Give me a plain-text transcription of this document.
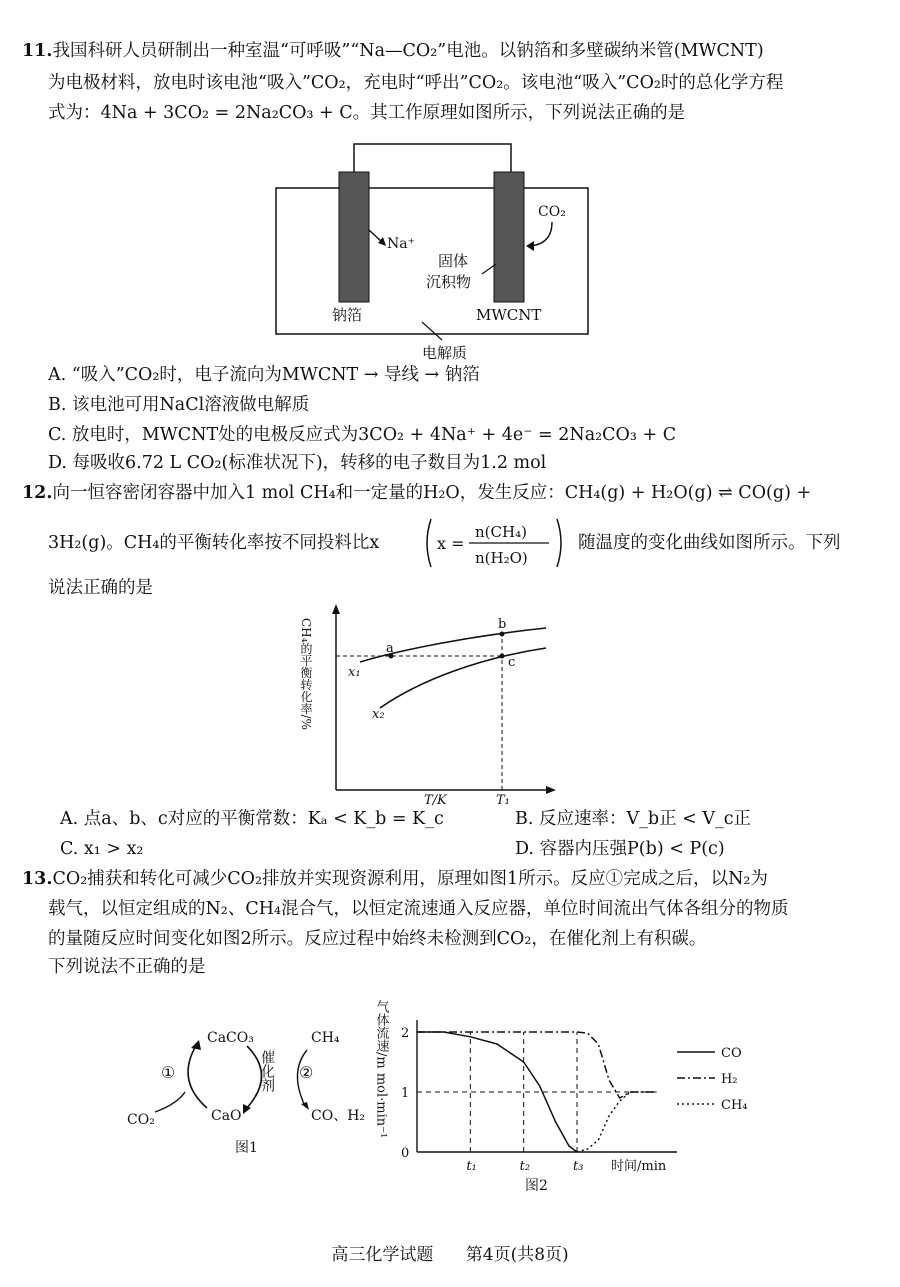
11.我国科研人员研制出一种室温“可呼吸”“Na—CO₂”电池。以钠箔和多壁碳纳米管(MWCNT)
为电极材料，放电时该电池“吸入”CO₂，充电时“呼出”CO₂。该电池“吸入”CO₂时的总化学方程
式为：4Na + 3CO₂ = 2Na₂CO₃ + C。其工作原理如图所示，下列说法正确的是
Na⁺
CO₂
固体
沉积物
钠箔	MWCNT
电解质
A. “吸入”CO₂时，电子流向为MWCNT → 导线 → 钠箔
B. 该电池可用NaCl溶液做电解质
C. 放电时，MWCNT处的电极反应式为3CO₂ + 4Na⁺ + 4e⁻ = 2Na₂CO₃ + C
D. 每吸收6.72 L CO₂(标准状况下)，转移的电子数目为1.2 mol
12.向一恒容密闭容器中加入1 mol CH₄和一定量的H₂O，发生反应：CH₄(g) + H₂O(g) ⇌ CO(g) +
3H₂(g)。CH₄的平衡转化率按不同投料比x	x =
n(CH₄)
n(H₂O)
随温度的变化曲线如图所示。下列
说法正确的是
CH₄的平衡转化率/%	a
b
c
x₁
x₂
T₁
T/K
A. 点a、b、c对应的平衡常数：Kₐ < K_b = K_c	B. 反应速率：V_b正 < V_c正
C. x₁ > x₂	D. 容器内压强P(b) < P(c)
13.CO₂捕获和转化可减少CO₂排放并实现资源利用，原理如图1所示。反应①完成之后，以N₂为
载气，以恒定组成的N₂、CH₄混合气，以恒定流速通入反应器，单位时间流出气体各组分的物质
的量随反应时间变化如图2所示。反应过程中始终未检测到CO₂，在催化剂上有积碳。
下列说法不正确的是
CaCO₃	CH₄
CaO
CO₂	CO、H₂
①	②
催化剂
图1	0
1
2
t₁	t₂	t₃
CO
H₂
CH₄
气体流速/m mol·min⁻¹
时间/min
图2
高三化学试题 第4页(共8页)
